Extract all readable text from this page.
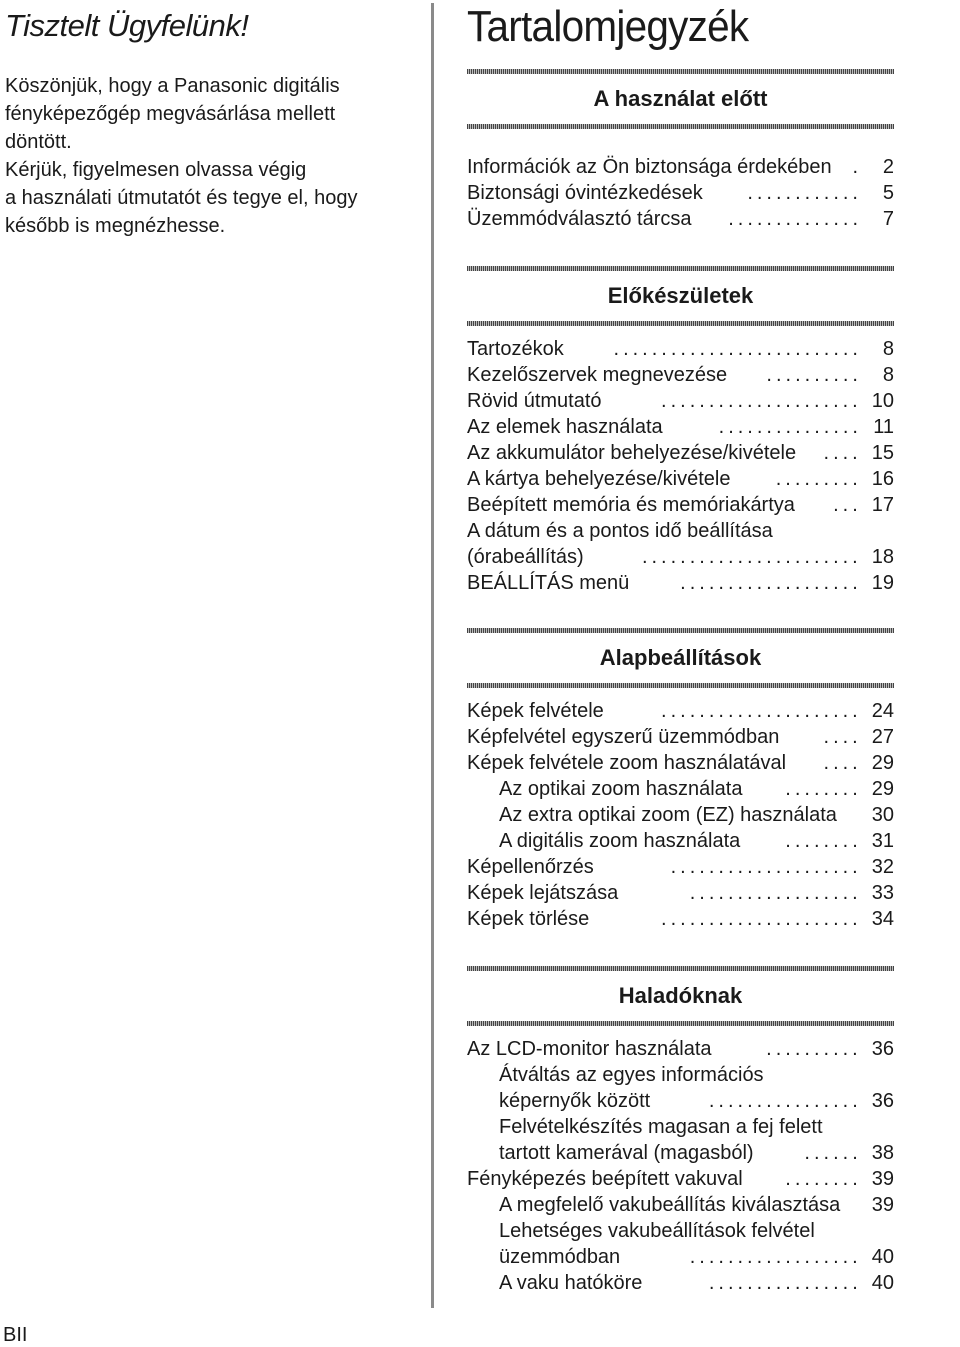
Tisztelt Ügyfelünk!

Köszönjük, hogy a Panasonic digitális
fényképezőgép megvásárlása mellett döntött.
Kérjük, figyelmesen olvassa végig
a használati útmutatót és tegye el, hogy
később is megnézhesse.

Tartalomjegyzék
A használat előtt
Információk az Ön biztonsága érdekében	.	2
Biztonsági óvintézkedések	............	5
Üzemmódválasztó tárcsa	..............	7
Előkészületek
Tartozékok	..........................	8
Kezelőszervek megnevezése	..........	8
Rövid útmutató	..................... 10
Az elemek használata	............... 11
Az akkumulátor behelyezése/kivétele	.... 15
A kártya behelyezése/kivétele	......... 16
Beépített memória és memóriakártya	... 17
A dátum és a pontos idő beállítása
(órabeállítás)	....................... 18
BEÁLLÍTÁS menü	................... 19
Alapbeállítások
Képek felvétele	..................... 24
Képfelvétel egyszerű üzemmódban	.... 27
Képek felvétele zoom használatával	.... 29
Az optikai zoom használata	........ 29
Az extra optikai zoom (EZ) használata 30
A digitális zoom használata	........ 31
Képellenőrzés	.................... 32
Képek lejátszása	.................. 33
Képek törlése	..................... 34
Haladóknak
Az LCD-monitor használata	.......... 36
Átváltás az egyes információs
képernyők között	................ 36
Felvételkészítés magasan a fej felett
tartott kamerával (magasból)	...... 38
Fényképezés beépített vakuval	........ 39
A megfelelő vakubeállítás kiválasztása 39
Lehetséges vakubeállítások felvétel
üzemmódban	.................. 40
A vaku hatóköre	................ 40
BII
